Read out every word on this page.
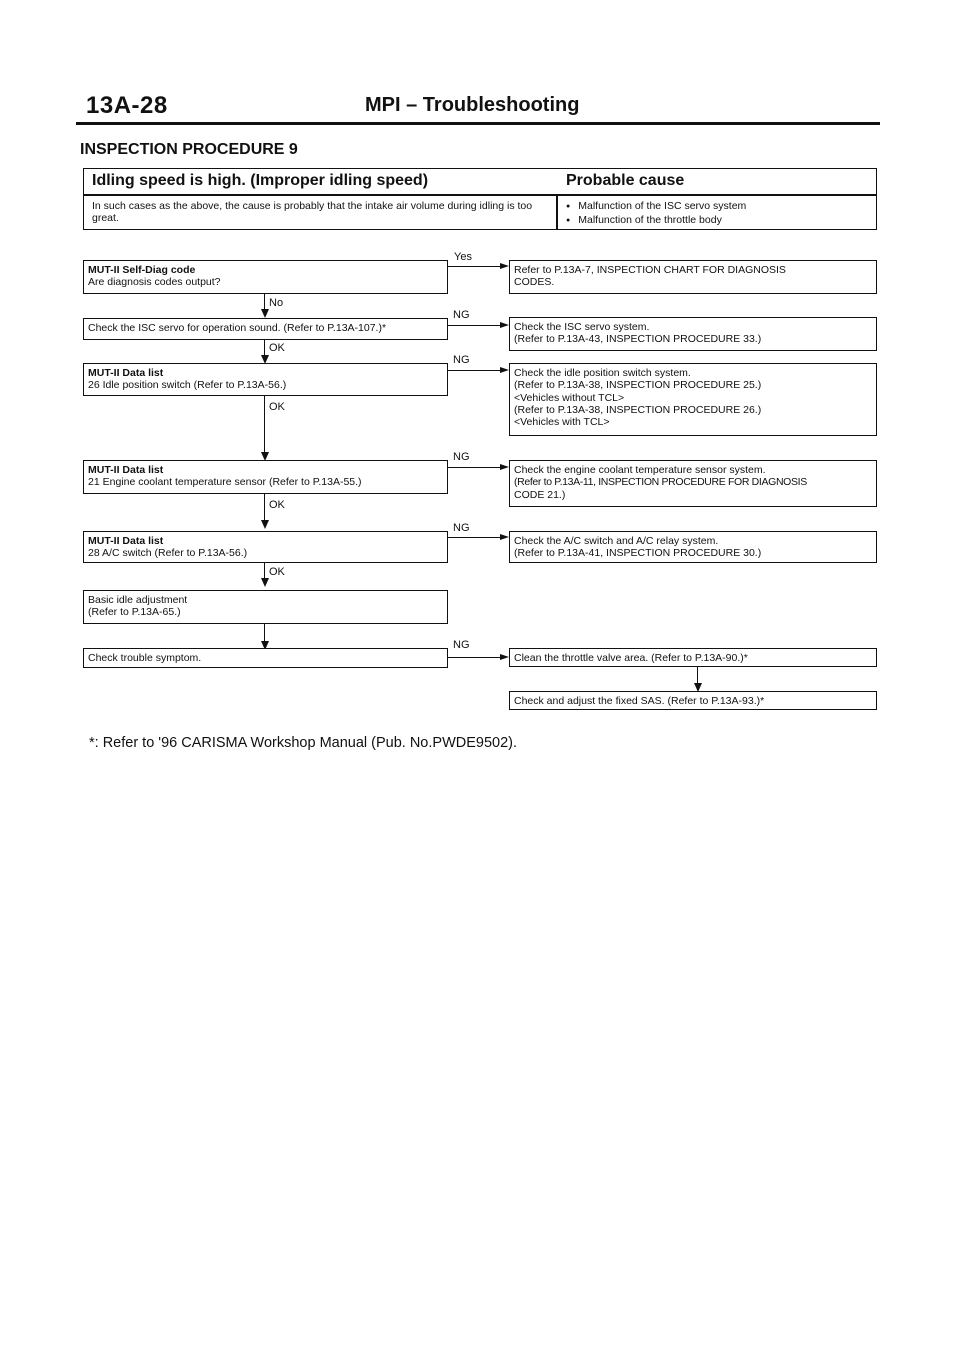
13A-28	MPI – Troubleshooting
INSPECTION PROCEDURE 9
Idling speed is high. (Improper idling speed)	Probable cause
In such cases as the above, the cause is probably that the intake air volume during idling is too great.
● Malfunction of the ISC servo system
● Malfunction of the throttle body
MUT-II Self-Diag code
Are diagnosis codes output?
Yes
Refer to P.13A-7, INSPECTION CHART FOR DIAGNOSIS
CODES.
No
Check the ISC servo for operation sound. (Refer to P.13A-107.)*
NG
Check the ISC servo system.
(Refer to P.13A-43, INSPECTION PROCEDURE 33.)
OK
MUT-II Data list
26 Idle position switch (Refer to P.13A-56.)
NG
Check the idle position switch system.
(Refer to P.13A-38, INSPECTION PROCEDURE 25.)
<Vehicles without TCL>
(Refer to P.13A-38, INSPECTION PROCEDURE 26.)
<Vehicles with TCL>
OK
MUT-II Data list
21 Engine coolant temperature sensor (Refer to P.13A-55.)
NG
Check the engine coolant temperature sensor system.
(Refer to P.13A-11, INSPECTION PROCEDURE FOR DIAGNOSIS
CODE 21.)
OK
MUT-II Data list
28 A/C switch (Refer to P.13A-56.)
NG
Check the A/C switch and A/C relay system.
(Refer to P.13A-41, INSPECTION PROCEDURE 30.)
OK
Basic idle adjustment
(Refer to P.13A-65.)
Check trouble symptom.
NG
Clean the throttle valve area. (Refer to P.13A-90.)*
Check and adjust the fixed SAS. (Refer to P.13A-93.)*
*: Refer to '96 CARISMA Workshop Manual (Pub. No.PWDE9502).
